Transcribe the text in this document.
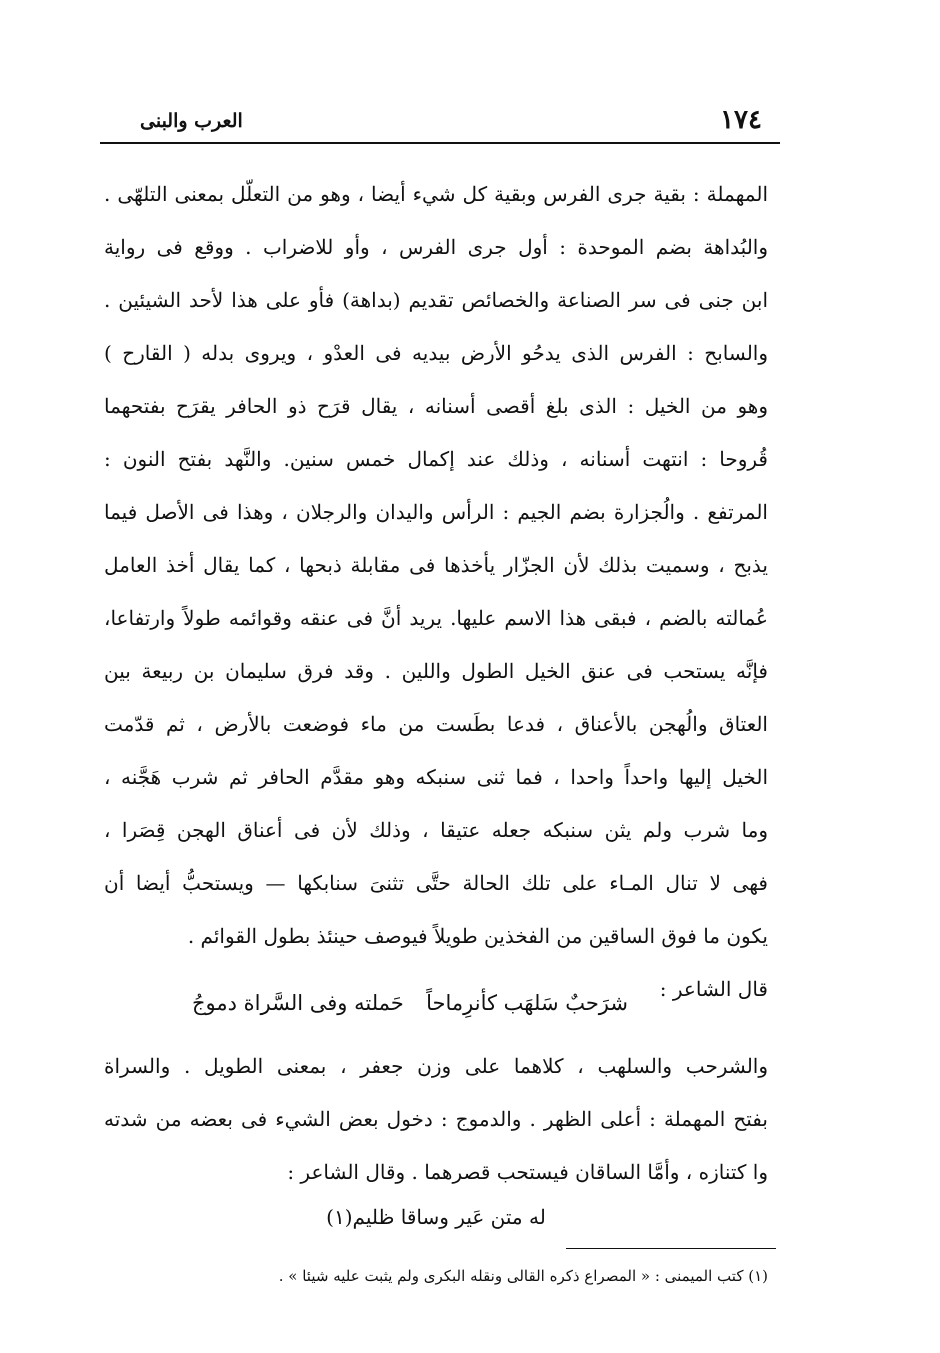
١٧٤
العرب والبنى
المهملة : بقية جرى الفرس وبقية كل شيء أيضا ، وهو من التعلّل بمعنى التلهّى .
والبُداهة بضم الموحدة : أول جرى الفرس ، وأو للاضراب . ووقع فى رواية
ابن جنى فى سر الصناعة والخصائص تقديم (بداهة) فأو على هذا لأحد الشيئين .
والسابح : الفرس الذى يدحُو الأرض بيديه فى العدْو ، ويروى بدله ( القارح )
وهو من الخيل : الذى بلغ أقصى أسنانه ، يقال قرَح ذو الحافر يقرَح بفتحهما
قُروحا : انتهت أسنانه ، وذلك عند إكمال خمس سنين. والنَّهد بفتح النون :
المرتفع . والُجزارة بضم الجيم : الرأس واليدان والرجلان ، وهذا فى الأصل فيما
يذبح ، وسميت بذلك لأن الجزّار يأخذها فى مقابلة ذبحها ، كما يقال أخذ العامل
عُمالته بالضم ، فبقى هذا الاسم عليها. يريد أنَّ فى عنقه وقوائمه طولاً وارتفاعا،
فإنَّه يستحب فى عنق الخيل الطول واللين . وقد فرق سليمان بن ربيعة بين
العتاق والُهجن بالأعناق ، فدعا بطَست من ماء فوضعت بالأرض ، ثم قدّمت
الخيل إليها واحداً واحدا ، فما ثنى سنبكه وهو مقدَّم الحافر ثم شرب هَجَّنه ،
وما شرب ولم يثن سنبكه جعله عتيقا ، وذلك لأن فى أعناق الهجن قِصَرا ،
فهى لا تنال المـاء على تلك الحالة حتَّى تثنىَ سنابكها — ويستحبُّ أيضا أن
يكون ما فوق الساقين من الفخذين طويلاً فيوصف حينئذ بطول القوائم .
قال الشاعر :
شرَحبٌ سَلهَب كأنرِماحاً
حَملته وفى السَّراة دموجُ
والشرحب والسلهب ، كلاهما على وزن جعفر ، بمعنى الطويل . والسراة
بفتح المهملة : أعلى الظهر . والدموج : دخول بعض الشيء فى بعضه من شدته
وا كتنازه ، وأمَّا الساقان فيستحب قصرهما . وقال الشاعر :
له متن عَير وساقا ظليم(١)
(١) كتب الميمنى : « المصراع ذكره القالى ونقله البكرى ولم يثبت عليه شيئا » .
